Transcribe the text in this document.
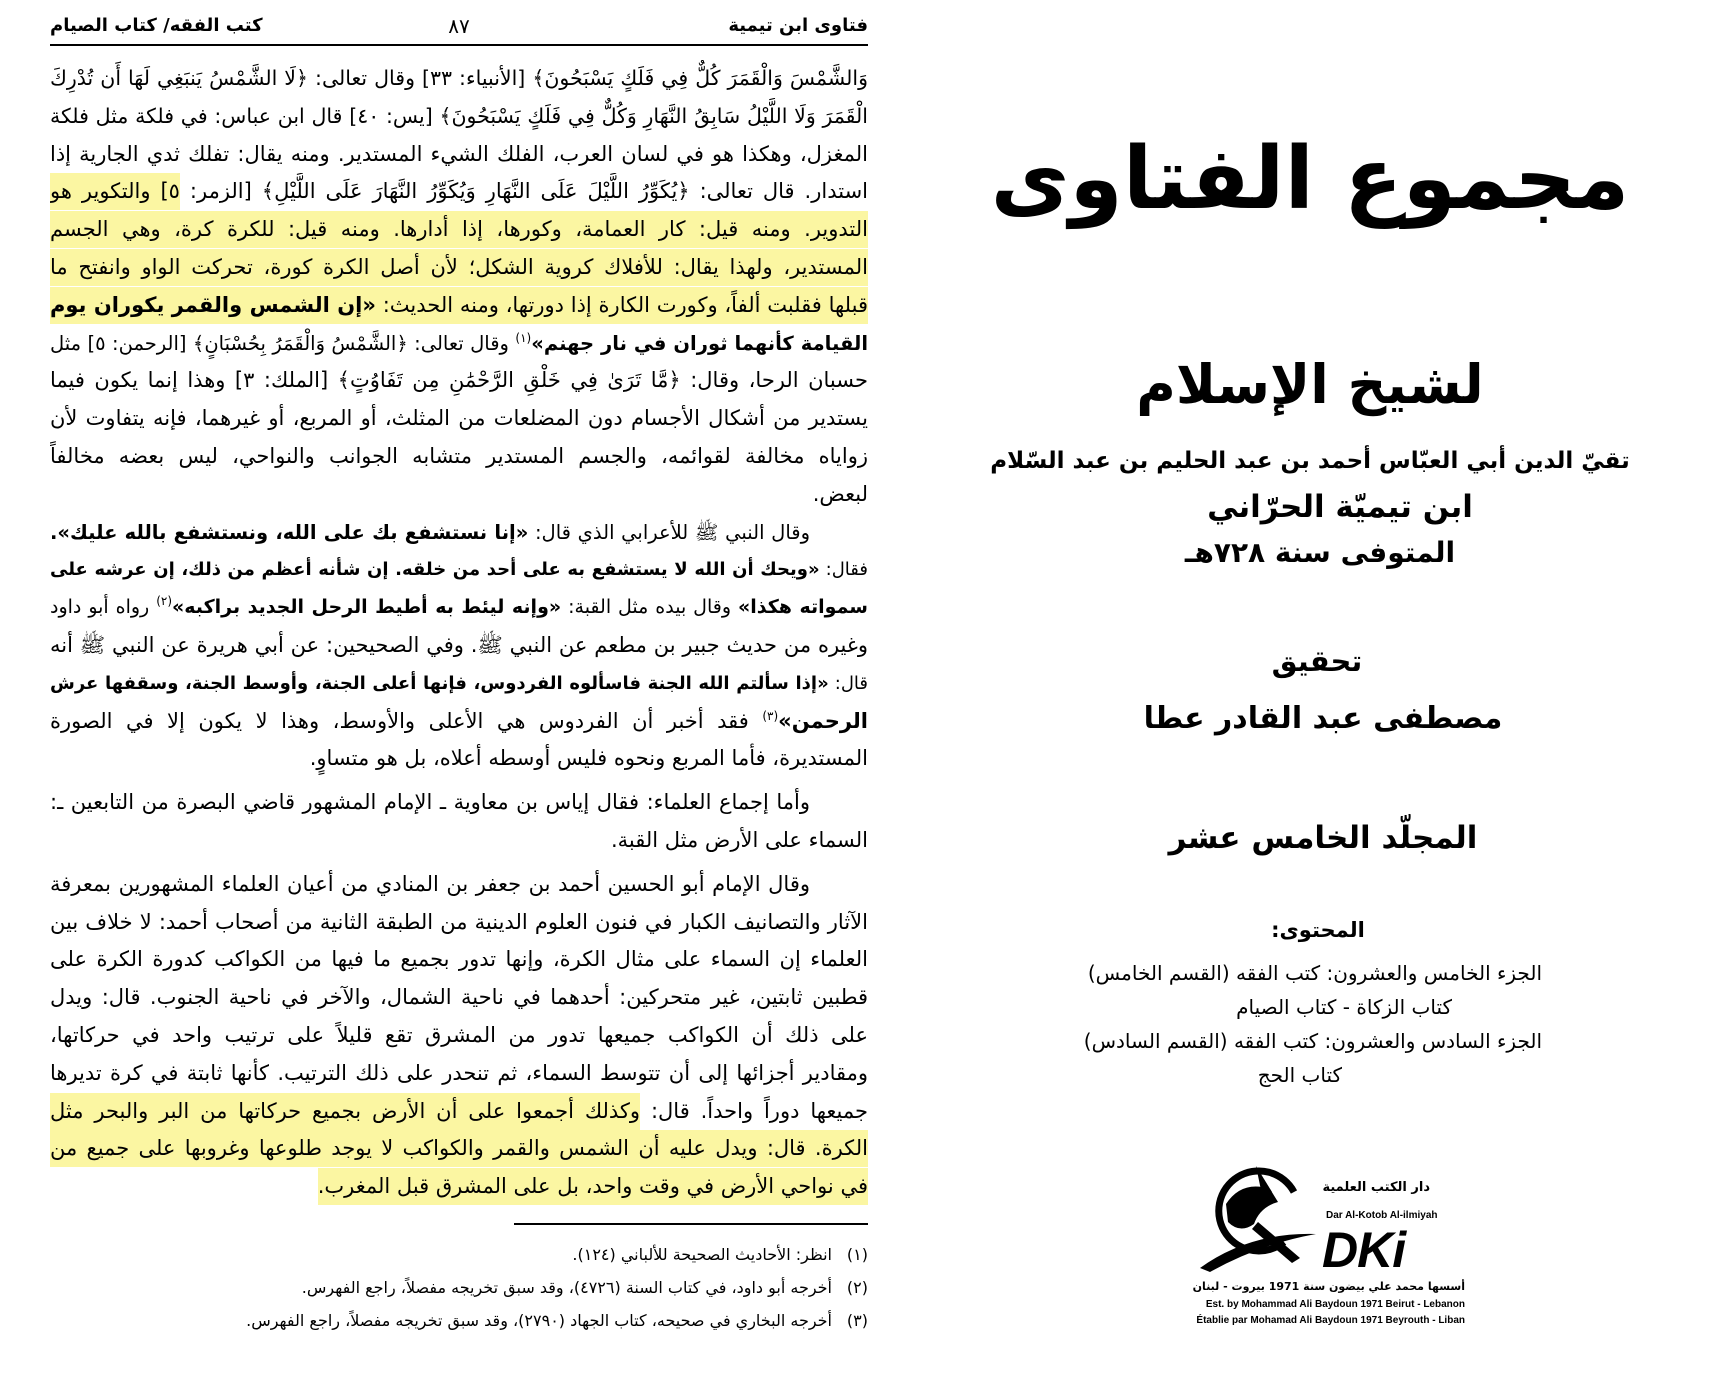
فتاوى ابن تيمية
٨٧
كتب الفقه/ كتاب الصيام
وَالشَّمْسَ وَالْقَمَرَ كُلٌّ فِي فَلَكٍ يَسْبَحُونَ﴾ [الأنبياء: ٣٣] وقال تعالى: ﴿لَا الشَّمْسُ يَنبَغِي لَهَا أَن تُدْرِكَ
الْقَمَرَ وَلَا اللَّيْلُ سَابِقُ النَّهَارِ وَكُلٌّ فِي فَلَكٍ يَسْبَحُونَ﴾ [يس: ٤٠] قال ابن عباس: في فلكة مثل فلكة
المغزل، وهكذا هو في لسان العرب، الفلك الشيء المستدير. ومنه يقال: تفلك ثدي الجارية إذا
استدار. قال تعالى: ﴿يُكَوِّرُ اللَّيْلَ عَلَى النَّهَارِ وَيُكَوِّرُ النَّهَارَ عَلَى اللَّيْلِ﴾ [الزمر: ٥] والتكوير هو
التدوير. ومنه قيل: كار العمامة، وكورها، إذا أدارها. ومنه قيل: للكرة كرة، وهي الجسم
المستدير، ولهذا يقال: للأفلاك كروية الشكل؛ لأن أصل الكرة كورة، تحركت الواو وانفتح ما
قبلها فقلبت ألفاً، وكورت الكارة إذا دورتها، ومنه الحديث: «إن الشمس والقمر يكوران يوم
القيامة كأنهما ثوران في نار جهنم»$^{(١)}$ وقال تعالى: ﴿الشَّمْسُ وَالْقَمَرُ بِحُسْبَانٍ﴾ [الرحمن: ٥] مثل
حسبان الرحا، وقال: ﴿مَّا تَرَىٰ فِي خَلْقِ الرَّحْمَٰنِ مِن تَفَاوُتٍ﴾ [الملك: ٣] وهذا إنما يكون فيما
يستدير من أشكال الأجسام دون المضلعات من المثلث، أو المربع، أو غيرهما، فإنه يتفاوت لأن
زواياه مخالفة لقوائمه، والجسم المستدير متشابه الجوانب والنواحي، ليس بعضه مخالفاً
لبعض.
وقال النبي ﷺ للأعرابي الذي قال: «إنا نستشفع بك على الله، ونستشفع بالله عليك».
فقال: «ويحك أن الله لا يستشفع به على أحد من خلقه. إن شأنه أعظم من ذلك، إن عرشه على
سمواته هكذا» وقال بيده مثل القبة: «وإنه ليئط به أطيط الرحل الجديد براكبه»$^{(٢)}$ رواه أبو داود
وغيره من حديث جبير بن مطعم عن النبي ﷺ. وفي الصحيحين: عن أبي هريرة عن النبي ﷺ أنه
قال: «إذا سألتم الله الجنة فاسألوه الفردوس، فإنها أعلى الجنة، وأوسط الجنة، وسقفها عرش
الرحمن»$^{(٣)}$ فقد أخبر أن الفردوس هي الأعلى والأوسط، وهذا لا يكون إلا في الصورة
المستديرة، فأما المربع ونحوه فليس أوسطه أعلاه، بل هو متساوٍ.
وأما إجماع العلماء: فقال إياس بن معاوية ـ الإمام المشهور قاضي البصرة من التابعين ـ:
السماء على الأرض مثل القبة.
وقال الإمام أبو الحسين أحمد بن جعفر بن المنادي من أعيان العلماء المشهورين بمعرفة
الآثار والتصانيف الكبار في فنون العلوم الدينية من الطبقة الثانية من أصحاب أحمد: لا خلاف بين
العلماء إن السماء على مثال الكرة، وإنها تدور بجميع ما فيها من الكواكب كدورة الكرة على
قطبين ثابتين، غير متحركين: أحدهما في ناحية الشمال، والآخر في ناحية الجنوب. قال: ويدل
على ذلك أن الكواكب جميعها تدور من المشرق تقع قليلاً على ترتيب واحد في حركاتها،
ومقادير أجزائها إلى أن تتوسط السماء، ثم تنحدر على ذلك الترتيب. كأنها ثابتة في كرة تديرها
جميعها دوراً واحداً. قال: وكذلك أجمعوا على أن الأرض بجميع حركاتها من البر والبحر مثل
الكرة. قال: ويدل عليه أن الشمس والقمر والكواكب لا يوجد طلوعها وغروبها على جميع من
في نواحي الأرض في وقت واحد، بل على المشرق قبل المغرب.
(١)انظر: الأحاديث الصحيحة للألباني (١٢٤).
(٢)أخرجه أبو داود، في كتاب السنة (٤٧٢٦)، وقد سبق تخريجه مفصلاً، راجع الفهرس.
(٣)أخرجه البخاري في صحيحه، كتاب الجهاد (٢٧٩٠)، وقد سبق تخريجه مفصلاً، راجع الفهرس.
مجموع الفتاوى
لشيخ الإسلام
تقيّ الدين أبي العبّاس أحمد بن عبد الحليم بن عبد السّلام
ابن تيميّة الحرّاني
المتوفى سنة ٧٢٨هـ
تحقيق
مصطفى عبد القادر عطا
المجلّد الخامس عشر
المحتوى:
الجزء الخامس والعشرون: كتب الفقه (القسم الخامس)
كتاب الزكاة - كتاب الصيام
الجزء السادس والعشرون: كتب الفقه (القسم السادس)
كتاب الحج
دار الكتب العلمية
Dar Al-Kotob Al-ilmiyah
DKi
أسسها محمد علي بيضون سنة 1971 بيروت - لبنان
Est. by Mohammad Ali Baydoun 1971 Beirut - Lebanon
Établie par Mohamad Ali Baydoun 1971 Beyrouth - Liban
